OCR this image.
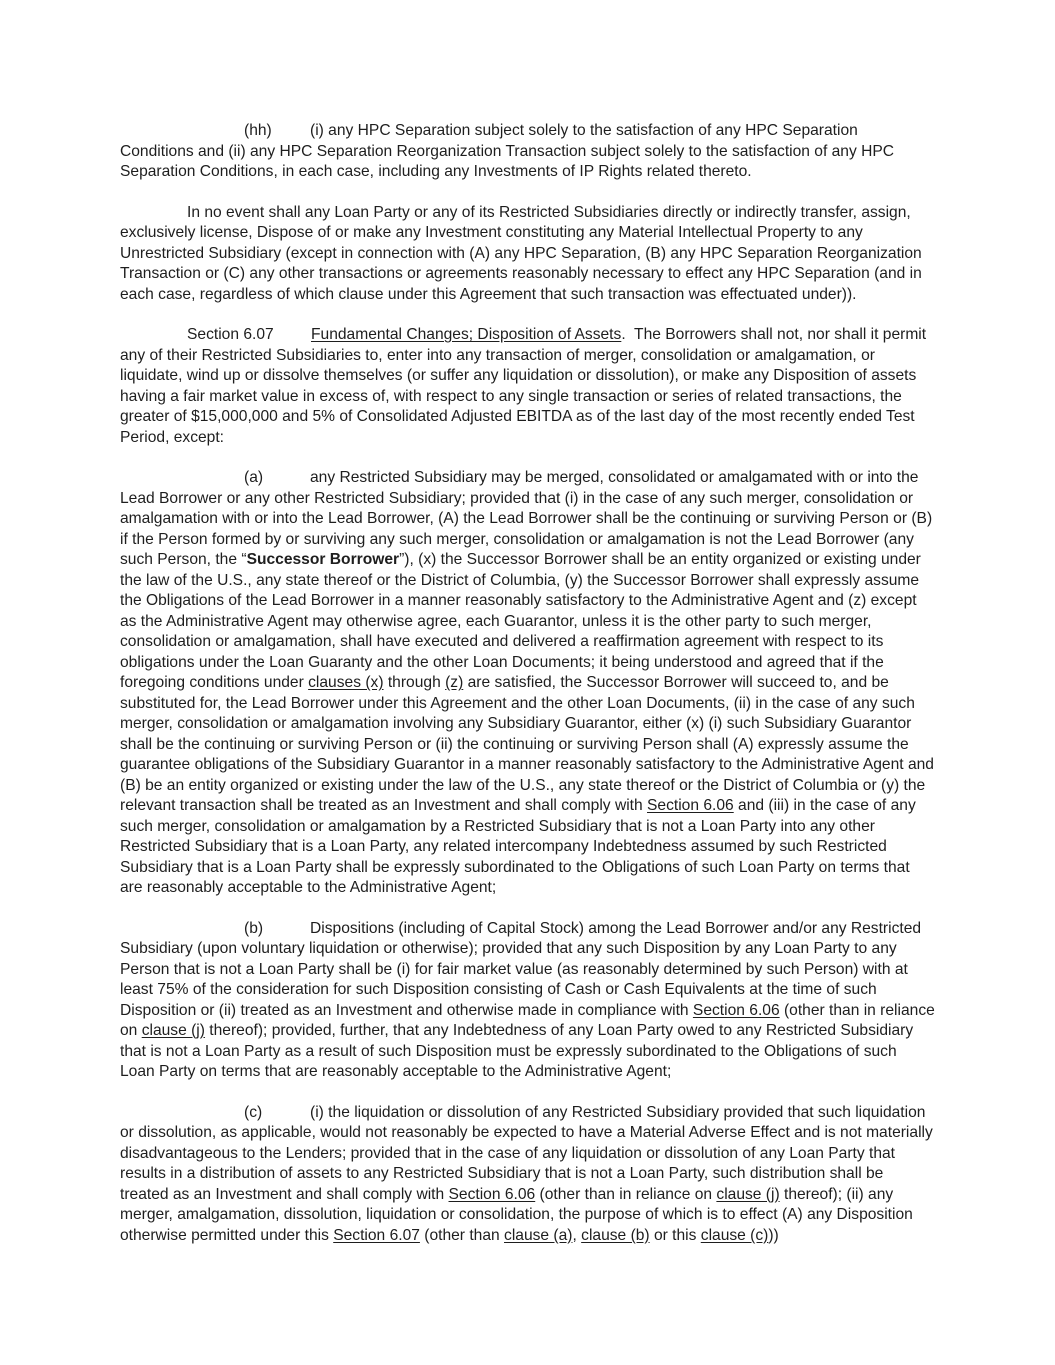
(hh) (i) any HPC Separation subject solely to the satisfaction of any HPC Separation Conditions and (ii) any HPC Separation Reorganization Transaction subject solely to the satisfaction of any HPC Separation Conditions, in each case, including any Investments of IP Rights related thereto.

In no event shall any Loan Party or any of its Restricted Subsidiaries directly or indirectly transfer, assign, exclusively license, Dispose of or make any Investment constituting any Material Intellectual Property to any Unrestricted Subsidiary (except in connection with (A) any HPC Separation, (B) any HPC Separation Reorganization Transaction or (C) any other transactions or agreements reasonably necessary to effect any HPC Separation (and in each case, regardless of which clause under this Agreement that such transaction was effectuated under)).

Section 6.07 Fundamental Changes; Disposition of Assets.  The Borrowers shall not, nor shall it permit any of their Restricted Subsidiaries to, enter into any transaction of merger, consolidation or amalgamation, or liquidate, wind up or dissolve themselves (or suffer any liquidation or dissolution), or make any Disposition of assets having a fair market value in excess of, with respect to any single transaction or series of related transactions, the greater of $15,000,000 and 5% of Consolidated Adjusted EBITDA as of the last day of the most recently ended Test Period, except:

(a)	any Restricted Subsidiary may be merged, consolidated or amalgamated with or into the Lead Borrower or any other Restricted Subsidiary; provided that (i) in the case of any such merger, consolidation or amalgamation with or into the Lead Borrower, (A) the Lead Borrower shall be the continuing or surviving Person or (B) if the Person formed by or surviving any such merger, consolidation or amalgamation is not the Lead Borrower (any such Person, the “Successor Borrower”), (x) the Successor Borrower shall be an entity organized or existing under the law of the U.S., any state thereof or the District of Columbia, (y) the Successor Borrower shall expressly assume the Obligations of the Lead Borrower in a manner reasonably satisfactory to the Administrative Agent and (z) except as the Administrative Agent may otherwise agree, each Guarantor, unless it is the other party to such merger, consolidation or amalgamation, shall have executed and delivered a reaffirmation agreement with respect to its obligations under the Loan Guaranty and the other Loan Documents; it being understood and agreed that if the foregoing conditions under clauses (x) through (z) are satisfied, the Successor Borrower will succeed to, and be substituted for, the Lead Borrower under this Agreement and the other Loan Documents, (ii) in the case of any such merger, consolidation or amalgamation involving any Subsidiary Guarantor, either (x) (i) such Subsidiary Guarantor shall be the continuing or surviving Person or (ii) the continuing or surviving Person shall (A) expressly assume the guarantee obligations of the Subsidiary Guarantor in a manner reasonably satisfactory to the Administrative Agent and (B) be an entity organized or existing under the law of the U.S., any state thereof or the District of Columbia or (y) the relevant transaction shall be treated as an Investment and shall comply with Section 6.06 and (iii) in the case of any such merger, consolidation or amalgamation by a Restricted Subsidiary that is not a Loan Party into any other Restricted Subsidiary that is a Loan Party, any related intercompany Indebtedness assumed by such Restricted Subsidiary that is a Loan Party shall be expressly subordinated to the Obligations of such Loan Party on terms that are reasonably acceptable to the Administrative Agent;

(b)	Dispositions (including of Capital Stock) among the Lead Borrower and/or any Restricted Subsidiary (upon voluntary liquidation or otherwise); provided that any such Disposition by any Loan Party to any Person that is not a Loan Party shall be (i) for fair market value (as reasonably determined by such Person) with at least 75% of the consideration for such Disposition consisting of Cash or Cash Equivalents at the time of such Disposition or (ii) treated as an Investment and otherwise made in compliance with Section 6.06 (other than in reliance on clause (j) thereof); provided, further, that any Indebtedness of any Loan Party owed to any Restricted Subsidiary that is not a Loan Party as a result of such Disposition must be expressly subordinated to the Obligations of such Loan Party on terms that are reasonably acceptable to the Administrative Agent;

(c)	(i) the liquidation or dissolution of any Restricted Subsidiary provided that such liquidation or dissolution, as applicable, would not reasonably be expected to have a Material Adverse Effect and is not materially disadvantageous to the Lenders; provided that in the case of any liquidation or dissolution of any Loan Party that results in a distribution of assets to any Restricted Subsidiary that is not a Loan Party, such distribution shall be treated as an Investment and shall comply with Section 6.06 (other than in reliance on clause (j) thereof); (ii) any merger, amalgamation, dissolution, liquidation or consolidation, the purpose of which is to effect (A) any Disposition otherwise permitted under this Section 6.07 (other than clause (a), clause (b) or this clause (c)))
